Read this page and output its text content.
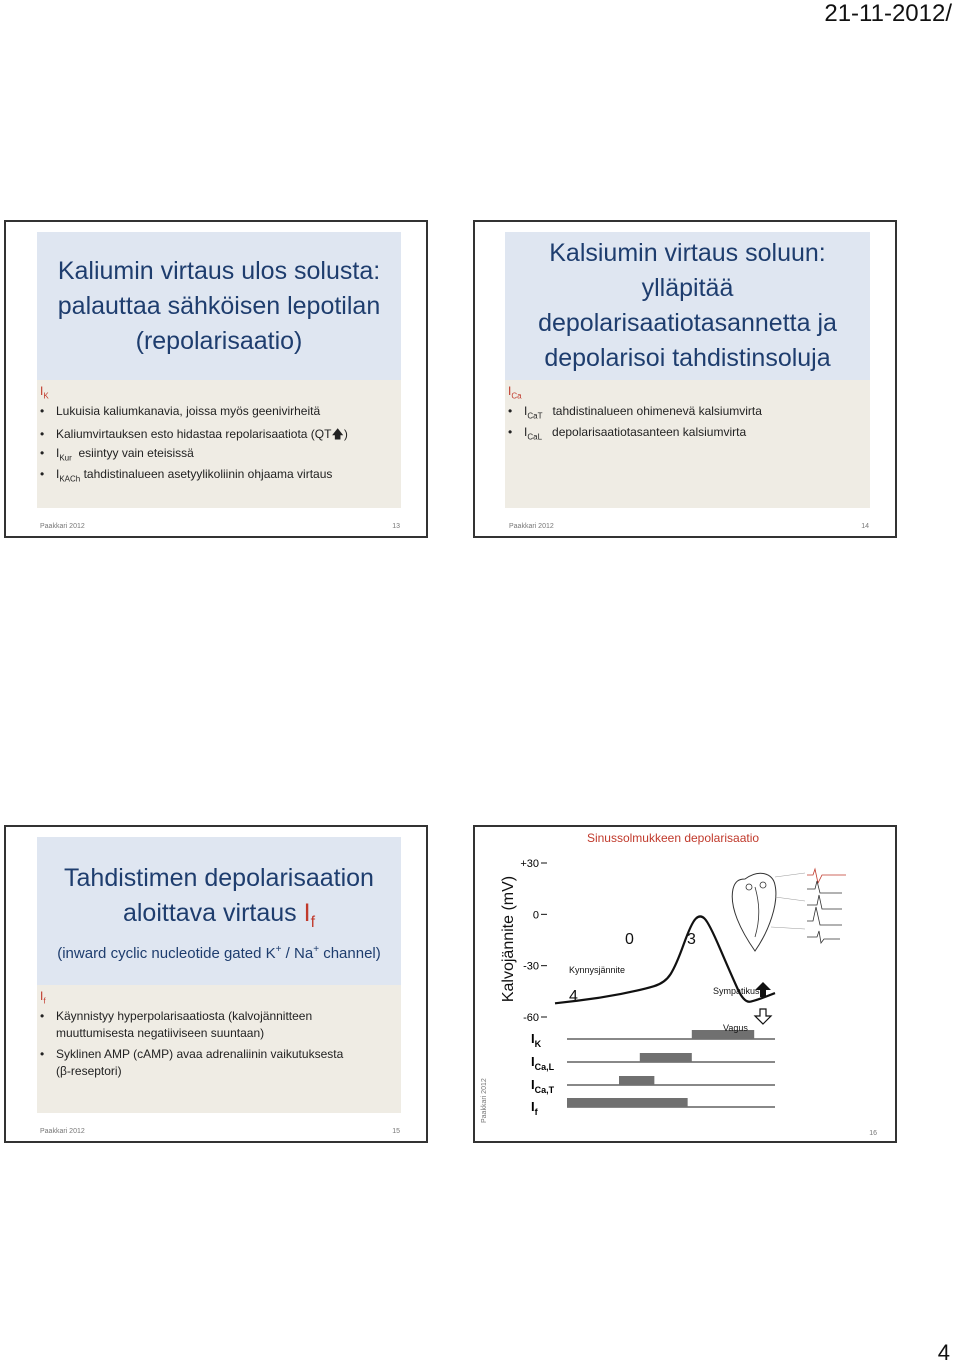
21-11-2012/
Kaliumin virtaus ulos solusta:
palauttaa sähköisen lepotilan
(repolarisaatio)
$I_K$
• Lukuisia kaliumkanavia, joissa myös geenivirheitä
• Kaliumvirtauksen esto hidastaa repolarisaatiota (QT🡅)
• $I_{Kur}$  esiintyy vain eteisissä
• $I_{KACh}$ tahdistinalueen asetyylikoliinin ohjaama virtaus
Paakkari 2012	13
Kalsiumin virtaus soluun:
ylläpitää
depolarisaatiotasannetta ja
depolarisoi tahdistinsoluja
$I_{Ca}$
• $I_{CaT}$   tahdistinalueen ohimenevä kalsiumvirta
• $I_{CaL}$   depolarisaatiotasanteen kalsiumvirta
Paakkari 2012	14
Tahdistimen depolarisaation
aloittava virtaus $I_f$
(inward cyclic nucleotide gated K+ / Na+ channel)
$I_f$
• Käynnistyy hyperpolarisaatiosta (kalvojännitteen
muuttumisesta negatiiviseen suuntaan)
• Syklinen AMP (cAMP) avaa adrenaliinin vaikutuksesta
(β-reseptori)
Paakkari 2012	15
Sinussolmukkeen depolarisaatio
Kalvojännite (mV)
Paakkari 2012
16
+30
0
-30
-60
$I_K$
$I_{Ca,L}$
$I_{Ca,T}$
$I_f$
Kynnysjännite
4
0	3
Sympatikus
Vagus
4
